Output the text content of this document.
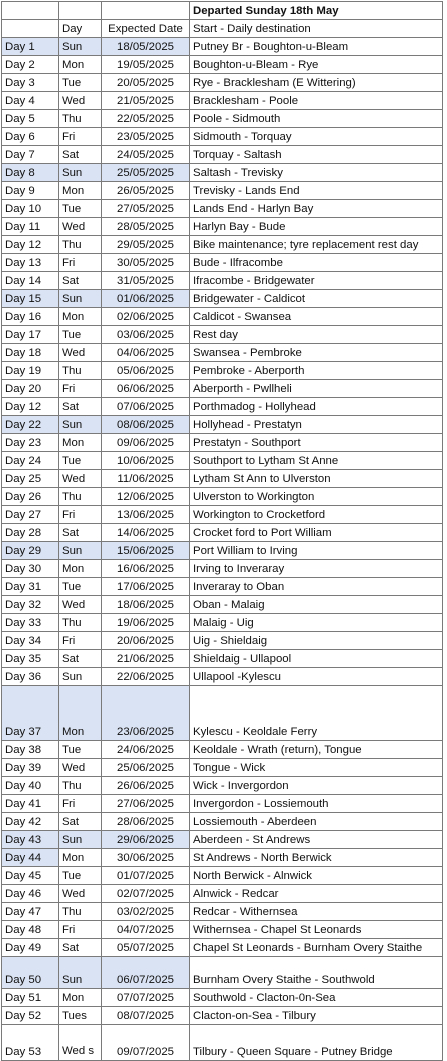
			Departed Sunday 18th May
	Day	Expected Date	Start - Daily destination
Day 1	Sun	18/05/2025	Putney Br - Boughton-u-Bleam
Day 2	Mon	19/05/2025	Boughton-u-Bleam - Rye
Day 3	Tue	20/05/2025	Rye - Bracklesham (E Wittering)
Day 4	Wed	21/05/2025	Bracklesham - Poole
Day 5	Thu	22/05/2025	Poole - Sidmouth
Day 6	Fri	23/05/2025	Sidmouth - Torquay
Day 7	Sat	24/05/2025	Torquay - Saltash
Day 8	Sun	25/05/2025	Saltash - Trevisky
Day 9	Mon	26/05/2025	Trevisky - Lands End
Day 10	Tue	27/05/2025	Lands End - Harlyn Bay
Day 11	Wed	28/05/2025	Harlyn Bay - Bude
Day 12	Thu	29/05/2025	Bike maintenance; tyre replacement rest day
Day 13	Fri	30/05/2025	Bude - Ilfracombe
Day 14	Sat	31/05/2025	Ifracombe - Bridgewater
Day 15	Sun	01/06/2025	Bridgewater - Caldicot
Day 16	Mon	02/06/2025	Caldicot - Swansea
Day 17	Tue	03/06/2025	Rest day
Day 18	Wed	04/06/2025	Swansea - Pembroke
Day 19	Thu	05/06/2025	Pembroke - Aberporth
Day 20	Fri	06/06/2025	Aberporth - Pwllheli
Day 12	Sat	07/06/2025	Porthmadog - Hollyhead
Day 22	Sun	08/06/2025	Hollyhead - Prestatyn
Day 23	Mon	09/06/2025	Prestatyn - Southport
Day 24	Tue	10/06/2025	Southport to Lytham St Anne
Day 25	Wed	11/06/2025	Lytham St Ann to Ulverston
Day 26	Thu	12/06/2025	Ulverston to Workington
Day 27	Fri	13/06/2025	Workington to Crocketford
Day 28	Sat	14/06/2025	Crocket ford to Port William
Day 29	Sun	15/06/2025	Port William to Irving
Day 30	Mon	16/06/2025	Irving to Inveraray
Day 31	Tue	17/06/2025	Inveraray to Oban
Day 32	Wed	18/06/2025	Oban - Malaig
Day 33	Thu	19/06/2025	Malaig - Uig
Day 34	Fri	20/06/2025	Uig - Shieldaig
Day 35	Sat	21/06/2025	Shieldaig - Ullapool
Day 36	Sun	22/06/2025	Ullapool -Kylescu
Day 37	Mon	23/06/2025	Kylescu - Keoldale Ferry
Day 38	Tue	24/06/2025	Keoldale - Wrath (return), Tongue
Day 39	Wed	25/06/2025	Tongue - Wick
Day 40	Thu	26/06/2025	Wick - Invergordon
Day 41	Fri	27/06/2025	Invergordon - Lossiemouth
Day 42	Sat	28/06/2025	Lossiemouth - Aberdeen
Day 43	Sun	29/06/2025	Aberdeen - St Andrews
Day 44	Mon	30/06/2025	St Andrews - North Berwick
Day 45	Tue	01/07/2025	North Berwick - Alnwick
Day 46	Wed	02/07/2025	Alnwick - Redcar
Day 47	Thu	03/02/2025	Redcar - Withernsea
Day 48	Fri	04/07/2025	Withernsea - Chapel St Leonards
Day 49	Sat	05/07/2025	Chapel St Leonards - Burnham Overy Staithe
Day 50	Sun	06/07/2025	Burnham Overy Staithe - Southwold
Day 51	Mon	07/07/2025	Southwold - Clacton-0n-Sea
Day 52	Tues	08/07/2025	Clacton-on-Sea - Tilbury
Day 53	Wed s	09/07/2025	Tilbury - Queen Square - Putney Bridge
